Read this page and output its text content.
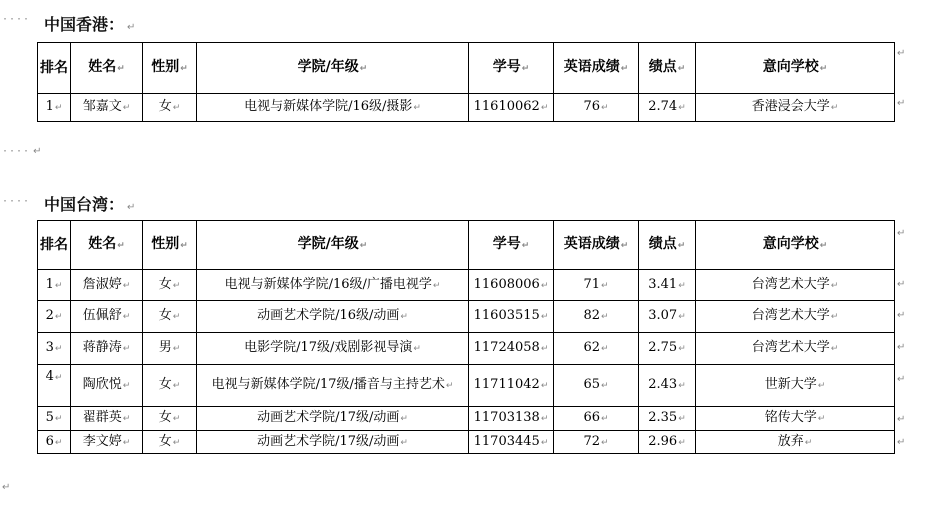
···· 中国香港： ↵
排名	姓名↵	性别↵	学院/年级↵	学号↵	英语成绩↵	绩点↵	意向学校↵
1↵	邹嘉文↵	女↵	电视与新媒体学院/16级/摄影↵	11610062↵	76↵	2.74↵	香港浸会大学↵
↵
↵
···· ↵
···· 中国台湾： ↵
排名	姓名↵	性别↵	学院/年级↵	学号↵	英语成绩↵	绩点↵	意向学校↵
1↵	詹淑婷↵	女↵	电视与新媒体学院/16级/广播电视学↵	11608006↵	71↵	3.41↵	台湾艺术大学↵
2↵	伍佩舒↵	女↵	动画艺术学院/16级/动画↵	11603515↵	82↵	3.07↵	台湾艺术大学↵
3↵	蒋静涛↵	男↵	电影学院/17级/戏剧影视导演↵	11724058↵	62↵	2.75↵	台湾艺术大学↵
4↵	陶欣悦↵	女↵	电视与新媒体学院/17级/播音与主持艺术↵	11711042↵	65↵	2.43↵	世新大学↵
5↵	翟群英↵	女↵	动画艺术学院/17级/动画↵	11703138↵	66↵	2.35↵	铭传大学↵
6↵	李文婷↵	女↵	动画艺术学院/17级/动画↵	11703445↵	72↵	2.96↵	放弃↵
↵
↵
↵
↵
↵
↵
↵
↵
